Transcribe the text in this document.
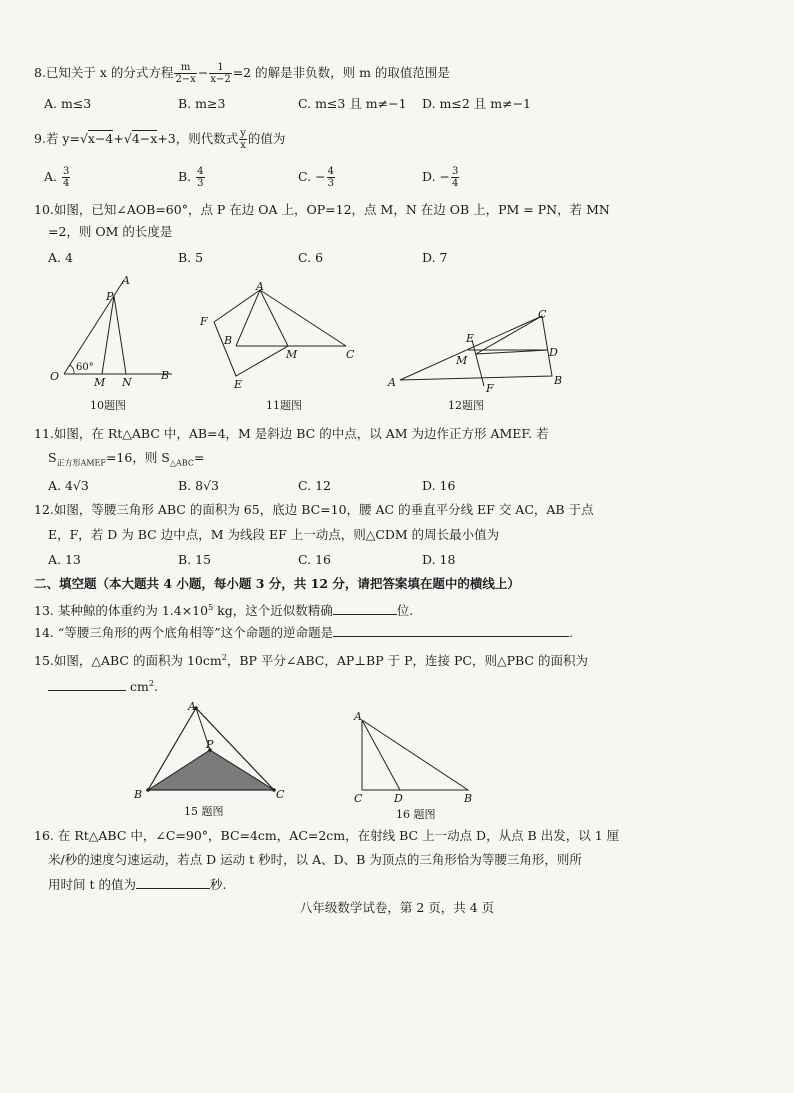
8.已知关于 x 的分式方程 $\frac{m}{2-x} - \frac{1}{x-2} =2$ 的解是非负数，则 m 的取值范围是
A. m≤3	B. m≥3	C. m≤3 且 m≠−1 D. m≤2 且 m≠−1
9.若 y=√x−4+√4−x+3，则代数式 $\frac{y}{x}$ 的值为
A. $\frac{3}{4}$	B. $\frac{4}{3}$	C. − $\frac{4}{3}$	D. − $\frac{3}{4}$
10.如图，已知∠AOB=60°，点 P 在边 OA 上，OP=12，点 M，N 在边 OB 上，PM = PN，若 MN
=2，则 OM 的长度是
A. 4	B. 5	C. 6	D. 7
A
P
O	M N
B
60°
10题图
A
F
B
M	C
E
11题图
C
E
M
D
A	F
B
12题图
11.如图，在 Rt△ABC 中，AB=4，M 是斜边 BC 的中点，以 AM 为边作正方形 AMEF. 若
$S_{正方形AMEF}=16$，则 $S_{\triangle ABC}=$
A. 4√3	B. 8√3	C. 12	D. 16
12.如图，等腰三角形 ABC 的面积为 65，底边 BC=10，腰 AC 的垂直平分线 EF 交 AC，AB 于点
E，F，若 D 为 BC 边中点，M 为线段 EF 上一动点，则△CDM 的周长最小值为
A. 13	B. 15	C. 16	D. 18
二、填空题（本大题共 4 小题，每小题 3 分，共 12 分，请把答案填在题中的横线上）
13. 某种鲸的体重约为 $1.4\times 10^5$ kg，这个近似数精确	位.
14. “等腰三角形的两个底角相等”这个命题的逆命题是	.
15.如图，△ABC 的面积为 $10cm^2$，BP 平分∠ABC，AP⊥BP 于 P，连接 PC，则△PBC 的面积为
$cm^2$.
A
P
B	C
15 题图
A
C	D	B
16 题图
16. 在 Rt△ABC 中，∠C=90°，BC=4cm，AC=2cm，在射线 BC 上一动点 D，从点 B 出发，以 1 厘
米/秒的速度匀速运动，若点 D 运动 t 秒时，以 A、D、B 为顶点的三角形恰为等腰三角形，则所
用时间 t 的值为	秒.
八年级数学试卷，第 2 页，共 4 页
